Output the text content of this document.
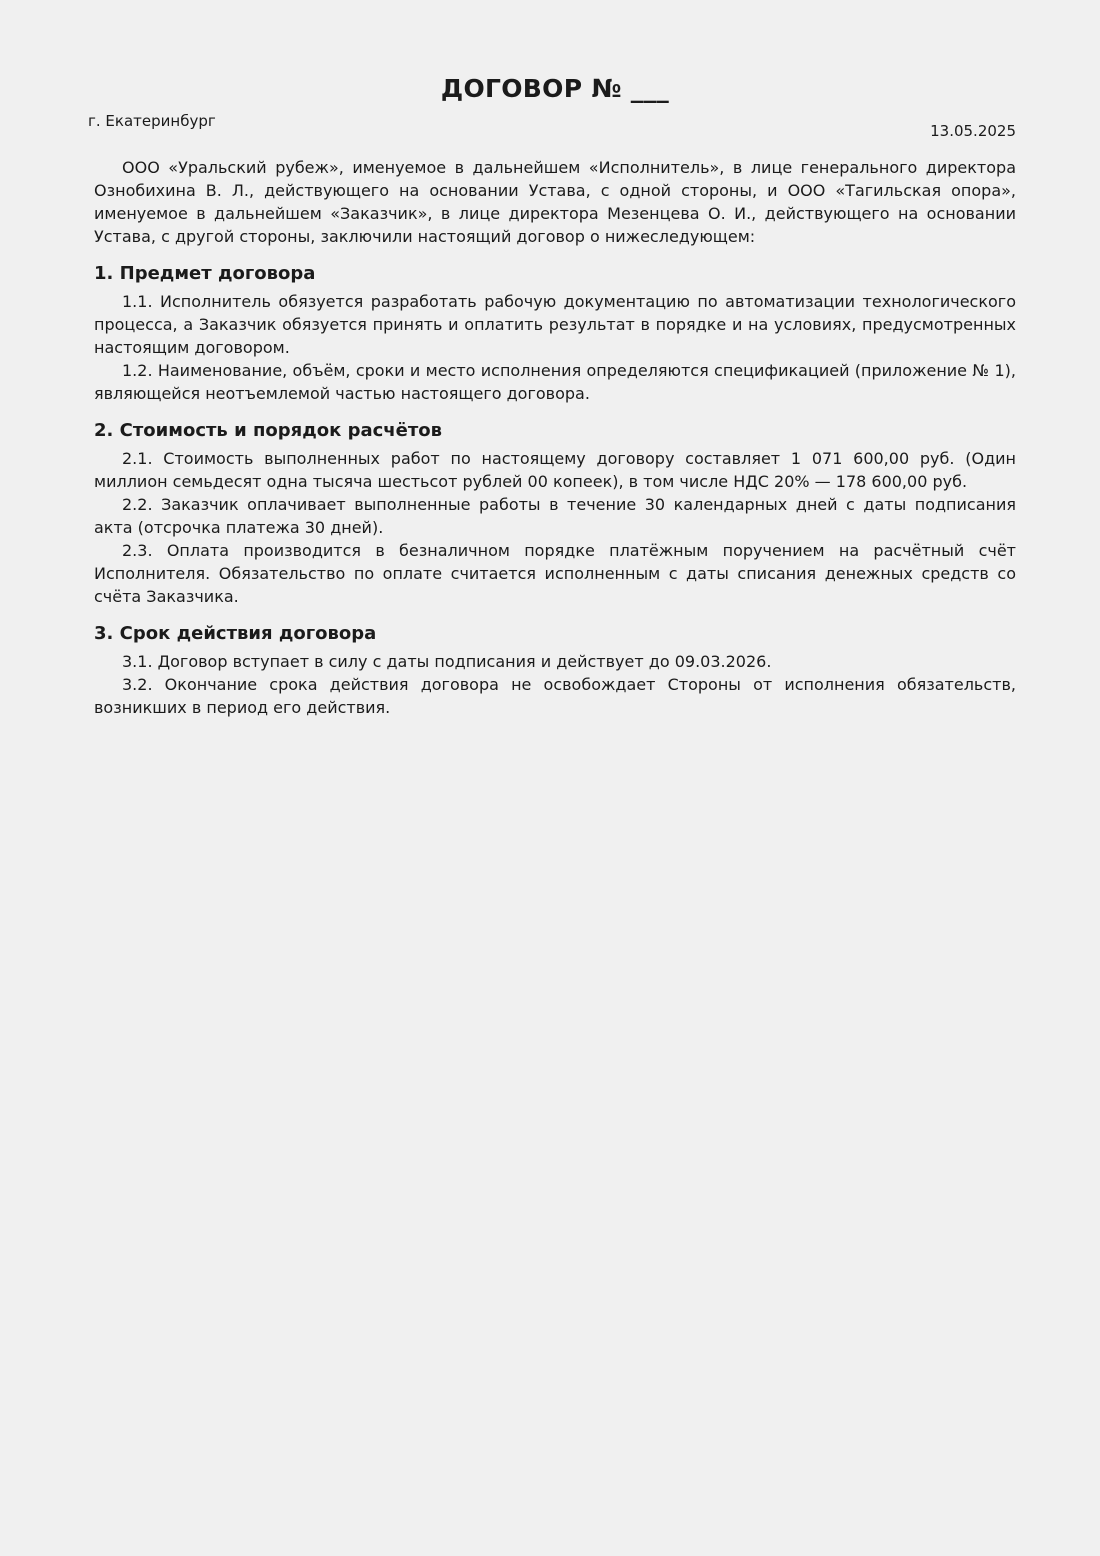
ДОГОВОР № ___
г. Екатеринбург
13.05.2025

ООО «Уральский рубеж», именуемое в дальнейшем «Исполнитель», в лице генерального директора Ознобихина В. Л., действующего на основании Устава, с одной стороны, и ООО «Тагильская опора», именуемое в дальнейшем «Заказчик», в лице директора Мезенцева О. И., действующего на основании Устава, с другой стороны, заключили настоящий договор о нижеследующем:

1. Предмет договора

1.1. Исполнитель обязуется разработать рабочую документацию по автоматизации технологического процесса, а Заказчик обязуется принять и оплатить результат в порядке и на условиях, предусмотренных настоящим договором.

1.2. Наименование, объём, сроки и место исполнения определяются спецификацией (приложение № 1), являющейся неотъемлемой частью настоящего договора.

2. Стоимость и порядок расчётов

2.1. Стоимость выполненных работ по настоящему договору составляет 1 071 600,00 руб. (Один миллион семьдесят одна тысяча шестьсот рублей 00 копеек), в том числе НДС 20% — 178 600,00 руб.

2.2. Заказчик оплачивает выполненные работы в течение 30 календарных дней с даты подписания акта (отсрочка платежа 30 дней).

2.3. Оплата производится в безналичном порядке платёжным поручением на расчётный счёт Исполнителя. Обязательство по оплате считается исполненным с даты списания денежных средств со счёта Заказчика.

3. Срок действия договора

3.1. Договор вступает в силу с даты подписания и действует до 09.03.2026.

3.2. Окончание срока действия договора не освобождает Стороны от исполнения обязательств, возникших в период его действия.
